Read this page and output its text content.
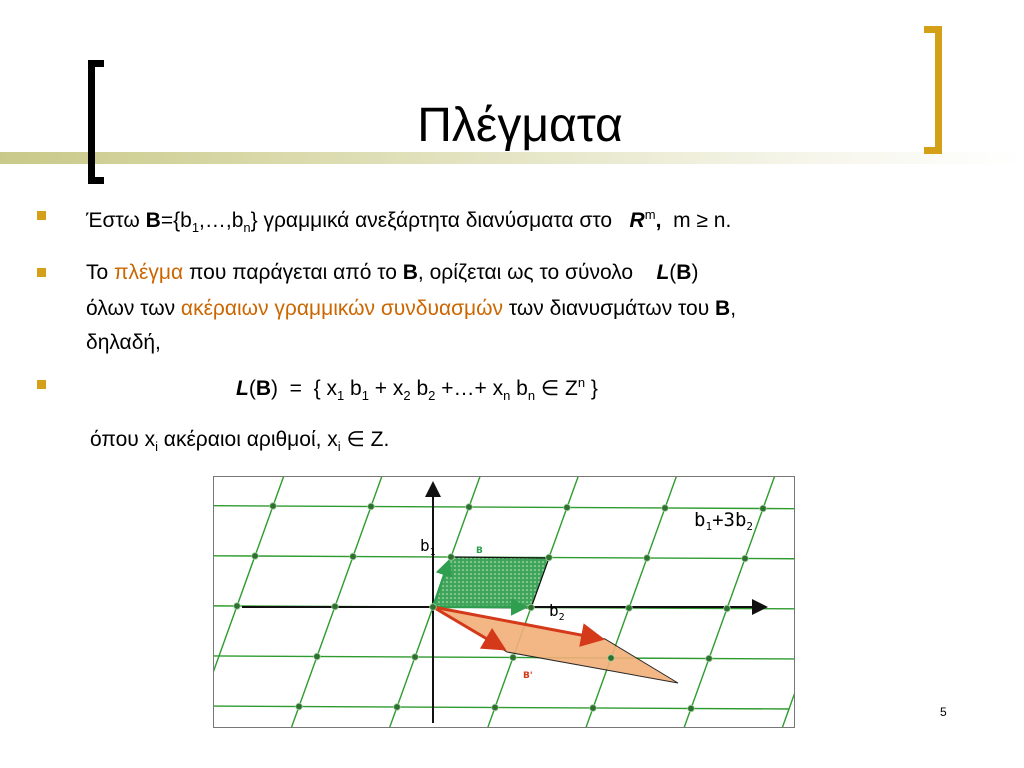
Πλέγματα
Έστω $B=\{b_1,\dots,b_n\}$ γραμμικά ανεξάρτητα διανύσματα στο $R^m$, m ≥ n.
Το πλέγμα που παράγεται από το B, ορίζεται ως το σύνολο L(B)
όλων των ακέραιων γραμμικών συνδυασμών των διανυσμάτων του B,
δηλαδή,
L(B) = { $x_1$ $b_1 + x_2$ $b_2$ +…+ $x_n$ $b_n$ ∈ $Z^n$ }
όπου $x_i$ ακέραιοι αριθμοί, $x_i$ ∈ Z.
$b_1$
$b_2$
$b_1+3b_2$
B
B'
5
